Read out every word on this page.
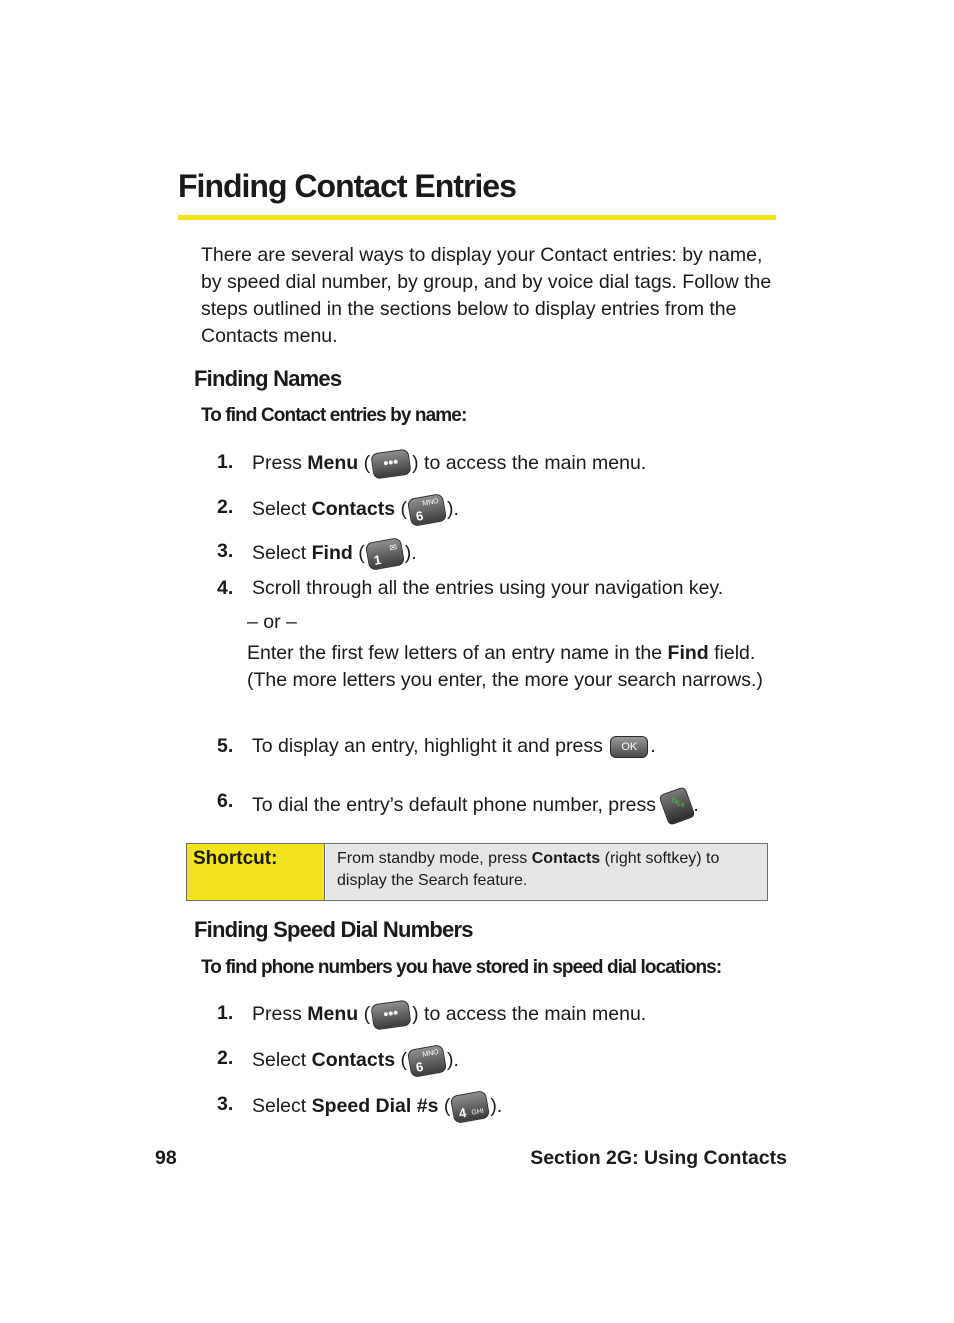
Finding Contact Entries
There are several ways to display your Contact entries: by name, by speed dial number, by group, and by voice dial tags. Follow the steps outlined in the sections below to display entries from the Contacts menu.
Finding Names
To find Contact entries by name:
1. Press Menu ( ••• ) to access the main menu.
2. Select Contacts ( 6
MNO ).
3. Select Find ( 1
✉ ).
4. Scroll through all the entries using your navigation key.
– or –
Enter the first few letters of an entry name in the Find field. (The more letters you enter, the more your search narrows.)
5. To display an entry, highlight it and press OK .
6. To dial the entry’s default phone number, press TALK .
Shortcut:	From standby mode, press Contacts (right softkey) to display the Search feature.
Finding Speed Dial Numbers
To find phone numbers you have stored in speed dial locations:
1. Press Menu ( ••• ) to access the main menu.
2. Select Contacts ( 6
MNO ).
3. Select Speed Dial #s ( 4 GHI ).
98	Section 2G: Using Contacts
